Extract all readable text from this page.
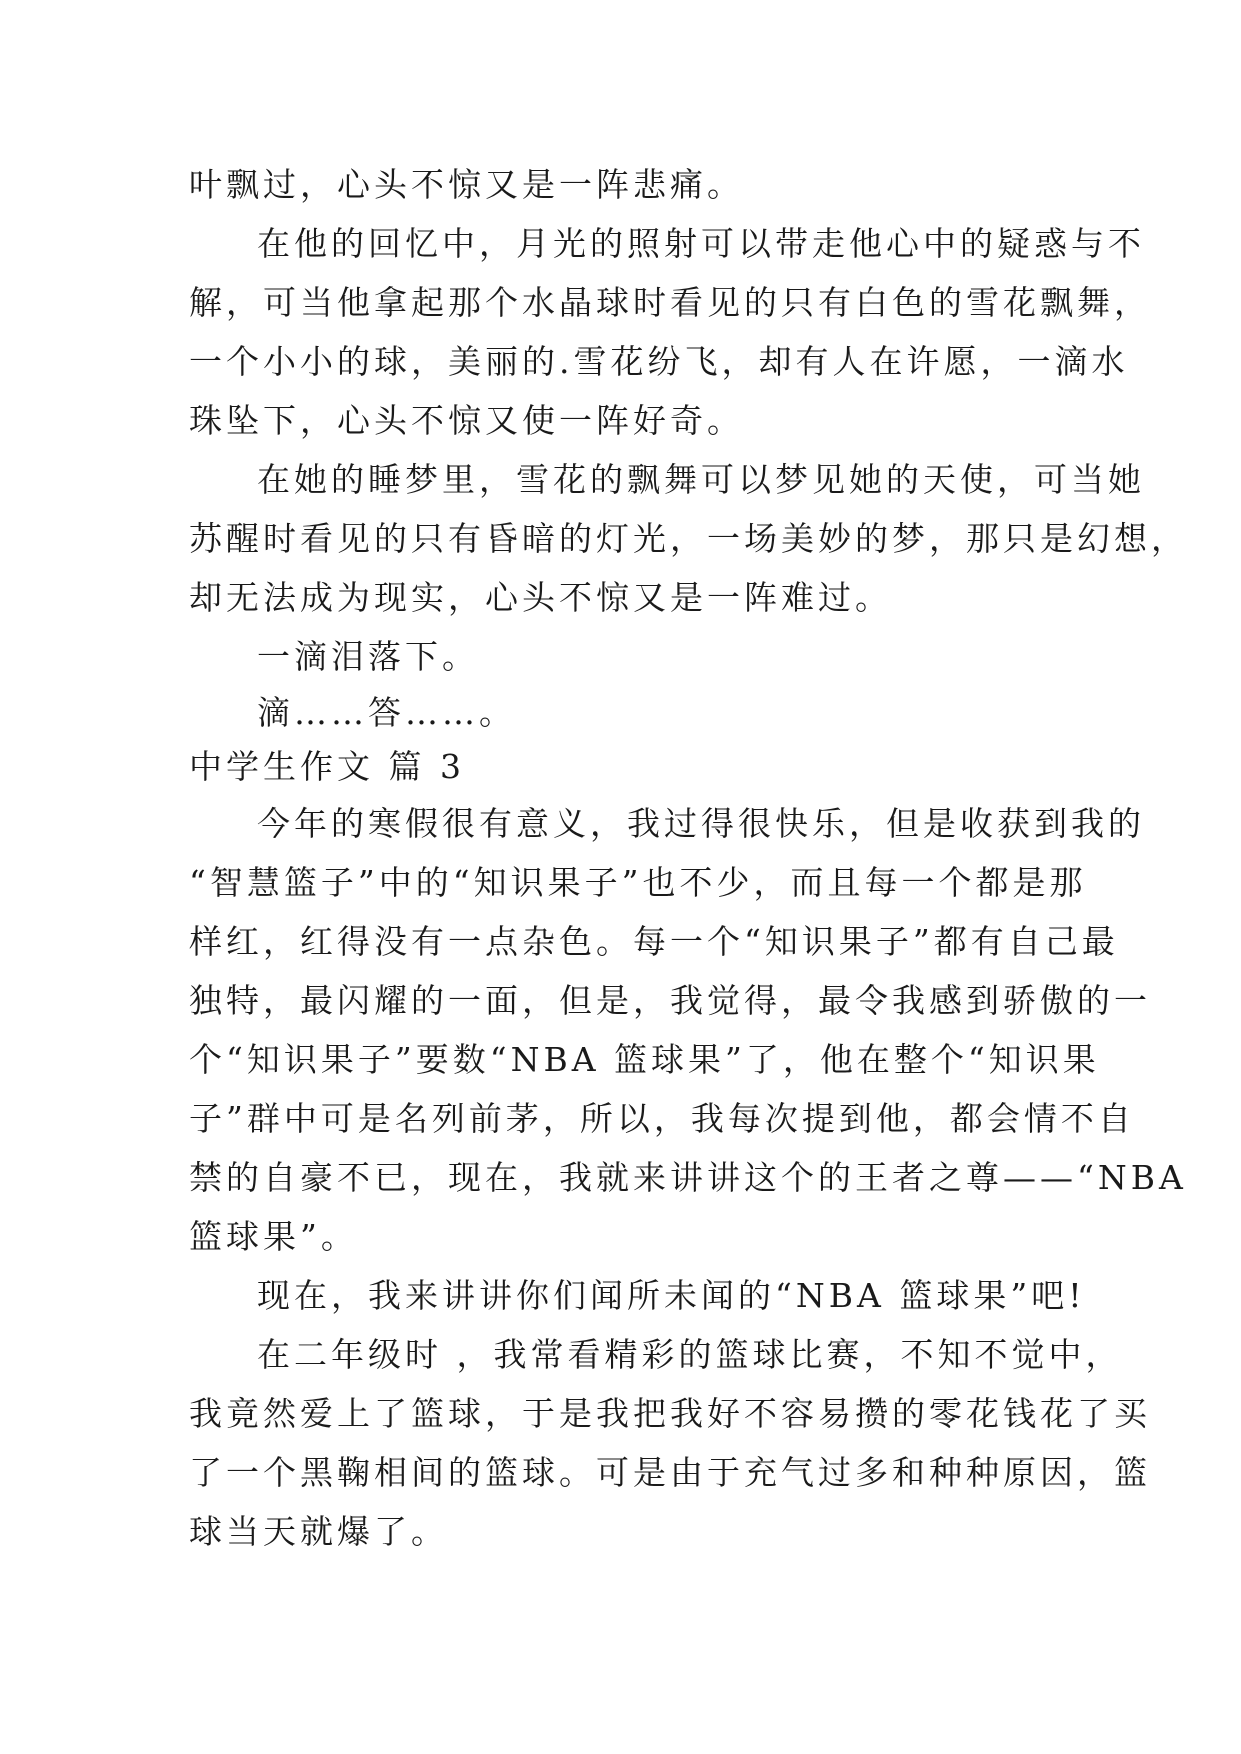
叶飘过，心头不惊又是一阵悲痛。
在他的回忆中，月光的照射可以带走他心中的疑惑与不
解，可当他拿起那个水晶球时看见的只有白色的雪花飘舞，
一个小小的球，美丽的.雪花纷飞，却有人在许愿，一滴水
珠坠下，心头不惊又使一阵好奇。
在她的睡梦里，雪花的飘舞可以梦见她的天使，可当她
苏醒时看见的只有昏暗的灯光，一场美妙的梦，那只是幻想，
却无法成为现实，心头不惊又是一阵难过。
一滴泪落下。
滴……答……。
中学生作文 篇 3
今年的寒假很有意义，我过得很快乐，但是收获到我的
“智慧篮子”中的“知识果子”也不少，而且每一个都是那
样红，红得没有一点杂色。每一个“知识果子”都有自己最
独特，最闪耀的一面，但是，我觉得，最令我感到骄傲的一
个“知识果子”要数“NBA 篮球果”了，他在整个“知识果
子”群中可是名列前茅，所以，我每次提到他，都会情不自
禁的自豪不已，现在，我就来讲讲这个的王者之尊——“NBA
篮球果”。
现在，我来讲讲你们闻所未闻的“NBA 篮球果”吧!
在二年级时 ，我常看精彩的篮球比赛，不知不觉中，
我竟然爱上了篮球，于是我把我好不容易攒的零花钱花了买
了一个黑鞠相间的篮球。可是由于充气过多和种种原因，篮
球当天就爆了。
